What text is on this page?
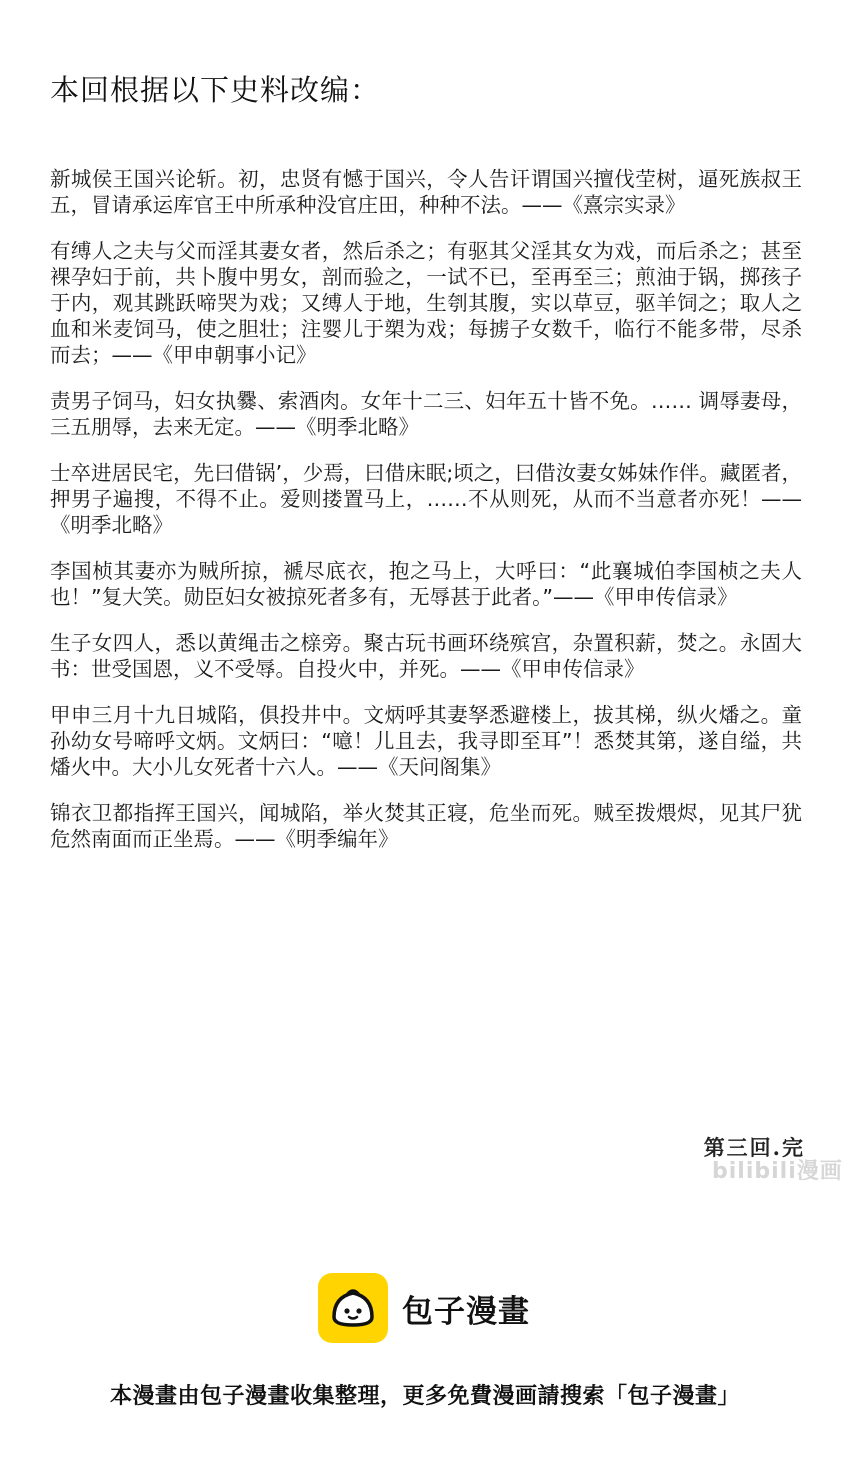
本回根据以下史料改编：

新城侯王国兴论斩。初，忠贤有憾于国兴，令人告讦谓国兴擅伐茔树，逼死族叔王五，冒请承运库官王中所承种没官庄田，种种不法。——《熹宗实录》

有缚人之夫与父而淫其妻女者，然后杀之；有驱其父淫其女为戏，而后杀之；甚至裸孕妇于前，共卜腹中男女，剖而验之，一试不已，至再至三；煎油于锅，掷孩子于内，观其跳跃啼哭为戏；又缚人于地，生刳其腹，实以草豆，驱羊饲之；取人之血和米麦饲马，使之胆壮；注婴儿于槊为戏；每掳子女数千，临行不能多带，尽杀而去；——《甲申朝事小记》

责男子饲马，妇女执爨、索酒肉。女年十二三、妇年五十皆不免。…… 调辱妻母，三五朋辱，去来无定。——《明季北略》

士卒进居民宅，先曰借锅’，少焉，曰借床眠;顷之，曰借汝妻女姊妹作伴。藏匿者，押男子遍搜，不得不止。爱则搂置马上，……不从则死，从而不当意者亦死！——《明季北略》

李国桢其妻亦为贼所掠，褫尽底衣，抱之马上，大呼曰：“此襄城伯李国桢之夫人也！”复大笑。勋臣妇女被掠死者多有，无辱甚于此者。”——《甲申传信录》

生子女四人，悉以黄绳击之榇旁。聚古玩书画环绕殡宫，杂置积薪，焚之。永固大书：世受国恩，义不受辱。自投火中，并死。——《甲申传信录》

甲申三月十九日城陷，俱投井中。文炳呼其妻孥悉避楼上，拔其梯，纵火燔之。童孙幼女号啼呼文炳。文炳曰：“噫！儿且去，我寻即至耳”！悉焚其第，遂自缢，共燔火中。大小儿女死者十六人。——《天问阁集》

锦衣卫都指挥王国兴，闻城陷，举火焚其正寝，危坐而死。贼至拨煨烬，见其尸犹危然南面而正坐焉。——《明季编年》

第三回.完
bilibili漫画
包子漫畫
本漫畫由包子漫畫收集整理，更多免費漫画請搜索「包子漫畫」
